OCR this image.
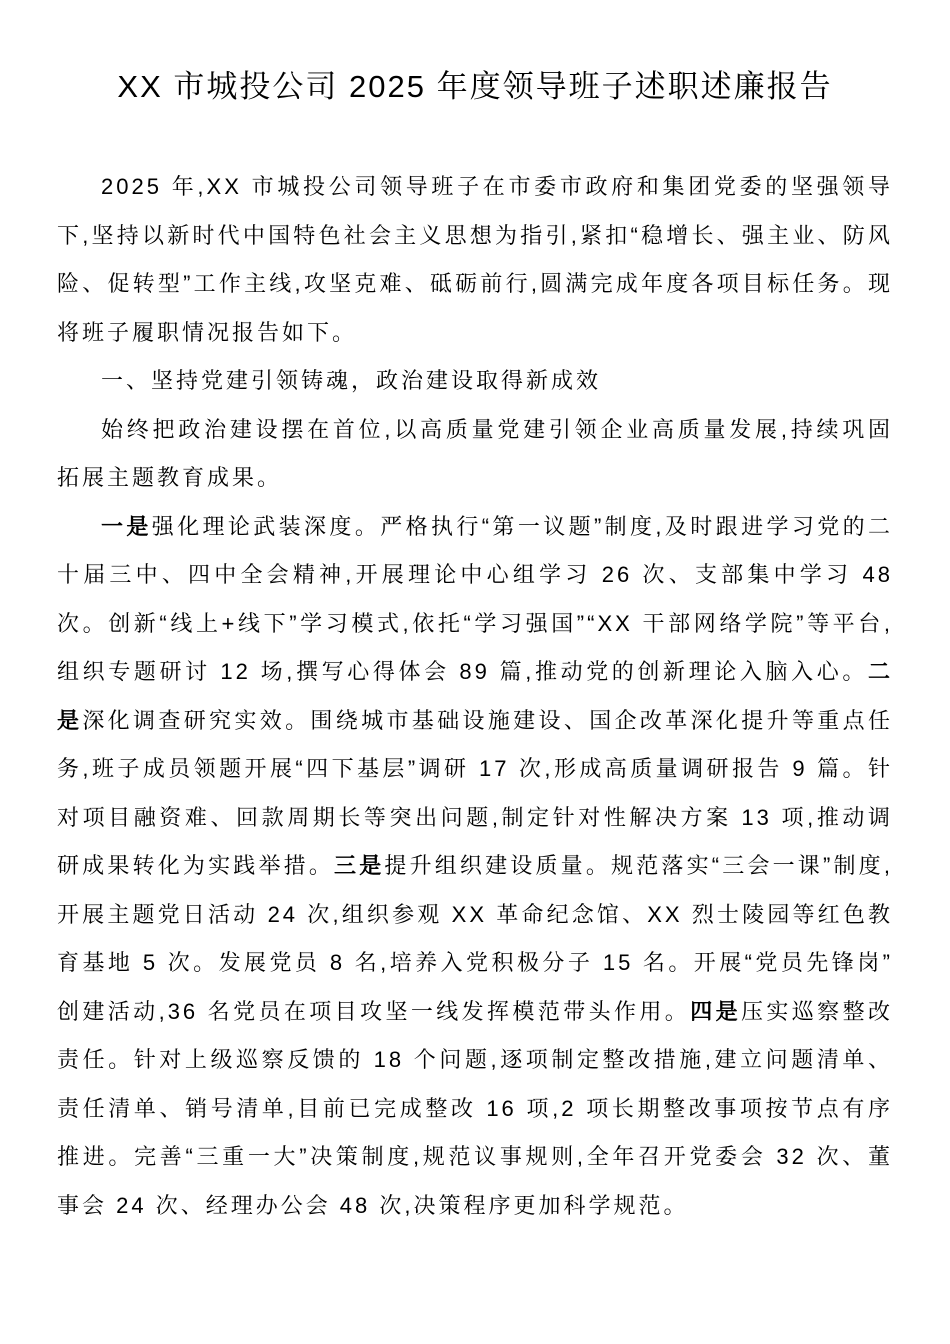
XX 市城投公司 2025 年度领导班子述职述廉报告

2025 年,XX 市城投公司领导班子在市委市政府和集团党委的坚强领导下,坚持以新时代中国特色社会主义思想为指引,紧扣“稳增长、强主业、防风险、促转型”工作主线,攻坚克难、砥砺前行,圆满完成年度各项目标任务。现将班子履职情况报告如下。

一、坚持党建引领铸魂，政治建设取得新成效

始终把政治建设摆在首位,以高质量党建引领企业高质量发展,持续巩固拓展主题教育成果。

一是强化理论武装深度。严格执行“第一议题”制度,及时跟进学习党的二十届三中、四中全会精神,开展理论中心组学习 26 次、支部集中学习 48 次。创新“线上+线下”学习模式,依托“学习强国”“XX 干部网络学院”等平台,组织专题研讨 12 场,撰写心得体会 89 篇,推动党的创新理论入脑入心。二是深化调查研究实效。围绕城市基础设施建设、国企改革深化提升等重点任务,班子成员领题开展“四下基层”调研 17 次,形成高质量调研报告 9 篇。针对项目融资难、回款周期长等突出问题,制定针对性解决方案 13 项,推动调研成果转化为实践举措。三是提升组织建设质量。规范落实“三会一课”制度,开展主题党日活动 24 次,组织参观 XX 革命纪念馆、XX 烈士陵园等红色教育基地 5 次。发展党员 8 名,培养入党积极分子 15 名。开展“党员先锋岗”创建活动,36 名党员在项目攻坚一线发挥模范带头作用。四是压实巡察整改责任。针对上级巡察反馈的 18 个问题,逐项制定整改措施,建立问题清单、责任清单、销号清单,目前已完成整改 16 项,2 项长期整改事项按节点有序推进。完善“三重一大”决策制度,规范议事规则,全年召开党委会 32 次、董事会 24 次、经理办公会 48 次,决策程序更加科学规范。
